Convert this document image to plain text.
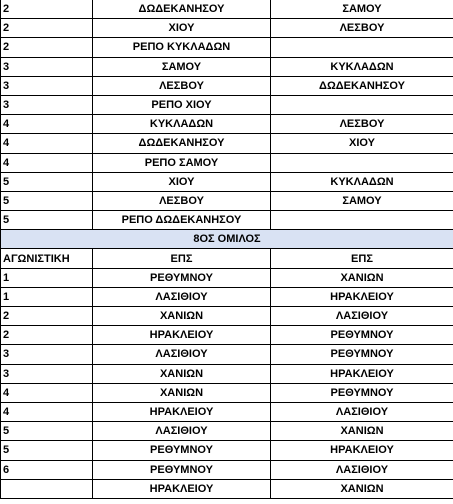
2	ΔΩΔΕΚΑΝΗΣΟΥ	ΣΑΜΟΥ
2	ΧΙΟΥ	ΛΕΣΒΟΥ
2	ΡΕΠΟ ΚΥΚΛΑΔΩΝ	
3	ΣΑΜΟΥ	ΚΥΚΛΑΔΩΝ
3	ΛΕΣΒΟΥ	ΔΩΔΕΚΑΝΗΣΟΥ
3	ΡΕΠΟ ΧΙΟΥ	
4	ΚΥΚΛΑΔΩΝ	ΛΕΣΒΟΥ
4	ΔΩΔΕΚΑΝΗΣΟΥ	ΧΙΟΥ
4	ΡΕΠΟ ΣΑΜΟΥ	
5	ΧΙΟΥ	ΚΥΚΛΑΔΩΝ
5	ΛΕΣΒΟΥ	ΣΑΜΟΥ
5	ΡΕΠΟ ΔΩΔΕΚΑΝΗΣΟΥ	
8ΟΣ ΟΜΙΛΟΣ		
ΑΓΩΝΙΣΤΙΚΗ	ΕΠΣ	ΕΠΣ
1	ΡΕΘΥΜΝΟΥ	ΧΑΝΙΩΝ
1	ΛΑΣΙΘΙΟΥ	ΗΡΑΚΛΕΙΟΥ
2	ΧΑΝΙΩΝ	ΛΑΣΙΘΙΟΥ
2	ΗΡΑΚΛΕΙΟΥ	ΡΕΘΥΜΝΟΥ
3	ΛΑΣΙΘΙΟΥ	ΡΕΘΥΜΝΟΥ
3	ΧΑΝΙΩΝ	ΗΡΑΚΛΕΙΟΥ
4	ΧΑΝΙΩΝ	ΡΕΘΥΜΝΟΥ
4	ΗΡΑΚΛΕΙΟΥ	ΛΑΣΙΘΙΟΥ
5	ΛΑΣΙΘΙΟΥ	ΧΑΝΙΩΝ
5	ΡΕΘΥΜΝΟΥ	ΗΡΑΚΛΕΙΟΥ
6	ΡΕΘΥΜΝΟΥ	ΛΑΣΙΘΙΟΥ
	ΗΡΑΚΛΕΙΟΥ	ΧΑΝΙΩΝ
